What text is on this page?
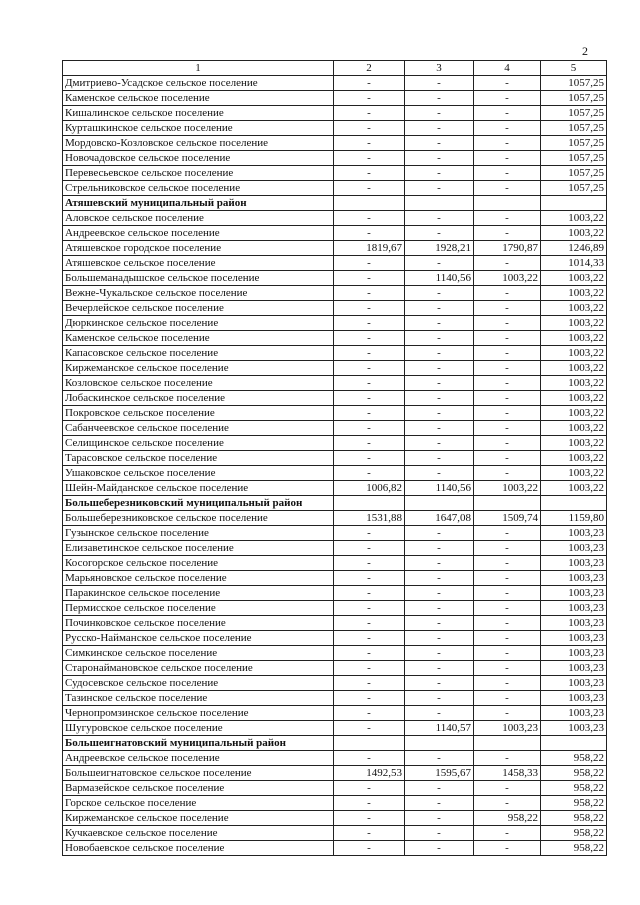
2
1	2	3	4	5
Дмитриево-Усадское сельское поселение	-	-	-	1057,25
Каменское сельское поселение	-	-	-	1057,25
Кишалинское сельское поселение	-	-	-	1057,25
Курташкинское сельское поселение	-	-	-	1057,25
Мордовско-Козловское сельское поселение	-	-	-	1057,25
Новочадовское сельское поселение	-	-	-	1057,25
Перевесьевское сельское поселение	-	-	-	1057,25
Стрельниковское сельское поселение	-	-	-	1057,25
Атяшевский муниципальный район				
Аловское сельское поселение	-	-	-	1003,22
Андреевское сельское поселение	-	-	-	1003,22
Атяшевское городское поселение	1819,67	1928,21	1790,87	1246,89
Атяшевское сельское поселение	-	-	-	1014,33
Большеманадышское сельское поселение	-	1140,56	1003,22	1003,22
Вежне-Чукальское сельское поселение	-	-	-	1003,22
Вечерлейское сельское поселение	-	-	-	1003,22
Дюркинское сельское поселение	-	-	-	1003,22
Каменское сельское поселение	-	-	-	1003,22
Капасовское сельское поселение	-	-	-	1003,22
Киржеманское сельское поселение	-	-	-	1003,22
Козловское сельское поселение	-	-	-	1003,22
Лобаскинское сельское поселение	-	-	-	1003,22
Покровское сельское поселение	-	-	-	1003,22
Сабанчеевское сельское поселение	-	-	-	1003,22
Селищинское сельское поселение	-	-	-	1003,22
Тарасовское сельское поселение	-	-	-	1003,22
Ушаковское сельское поселение	-	-	-	1003,22
Шейн-Майданское сельское поселение	1006,82	1140,56	1003,22	1003,22
Большеберезниковский муниципальный район				
Большеберезниковское сельское поселение	1531,88	1647,08	1509,74	1159,80
Гузынское сельское поселение	-	-	-	1003,23
Елизаветинское сельское поселение	-	-	-	1003,23
Косогорское сельское поселение	-	-	-	1003,23
Марьяновское сельское поселение	-	-	-	1003,23
Паракинское сельское поселение	-	-	-	1003,23
Пермисское сельское поселение	-	-	-	1003,23
Починковское сельское поселение	-	-	-	1003,23
Русско-Найманское сельское поселение	-	-	-	1003,23
Симкинское сельское поселение	-	-	-	1003,23
Старонаймановское сельское поселение	-	-	-	1003,23
Судосевское сельское поселение	-	-	-	1003,23
Тазинское сельское поселение	-	-	-	1003,23
Чернопромзинское сельское поселение	-	-	-	1003,23
Шугуровское сельское поселение	-	1140,57	1003,23	1003,23
Большеигнатовский муниципальный район				
Андреевское сельское поселение	-	-	-	958,22
Большеигнатовское сельское поселение	1492,53	1595,67	1458,33	958,22
Вармазейское сельское поселение	-	-	-	958,22
Горское сельское поселение	-	-	-	958,22
Киржеманское сельское поселение	-	-	958,22	958,22
Кучкаевское сельское поселение	-	-	-	958,22
Новобаевское сельское поселение	-	-	-	958,22
